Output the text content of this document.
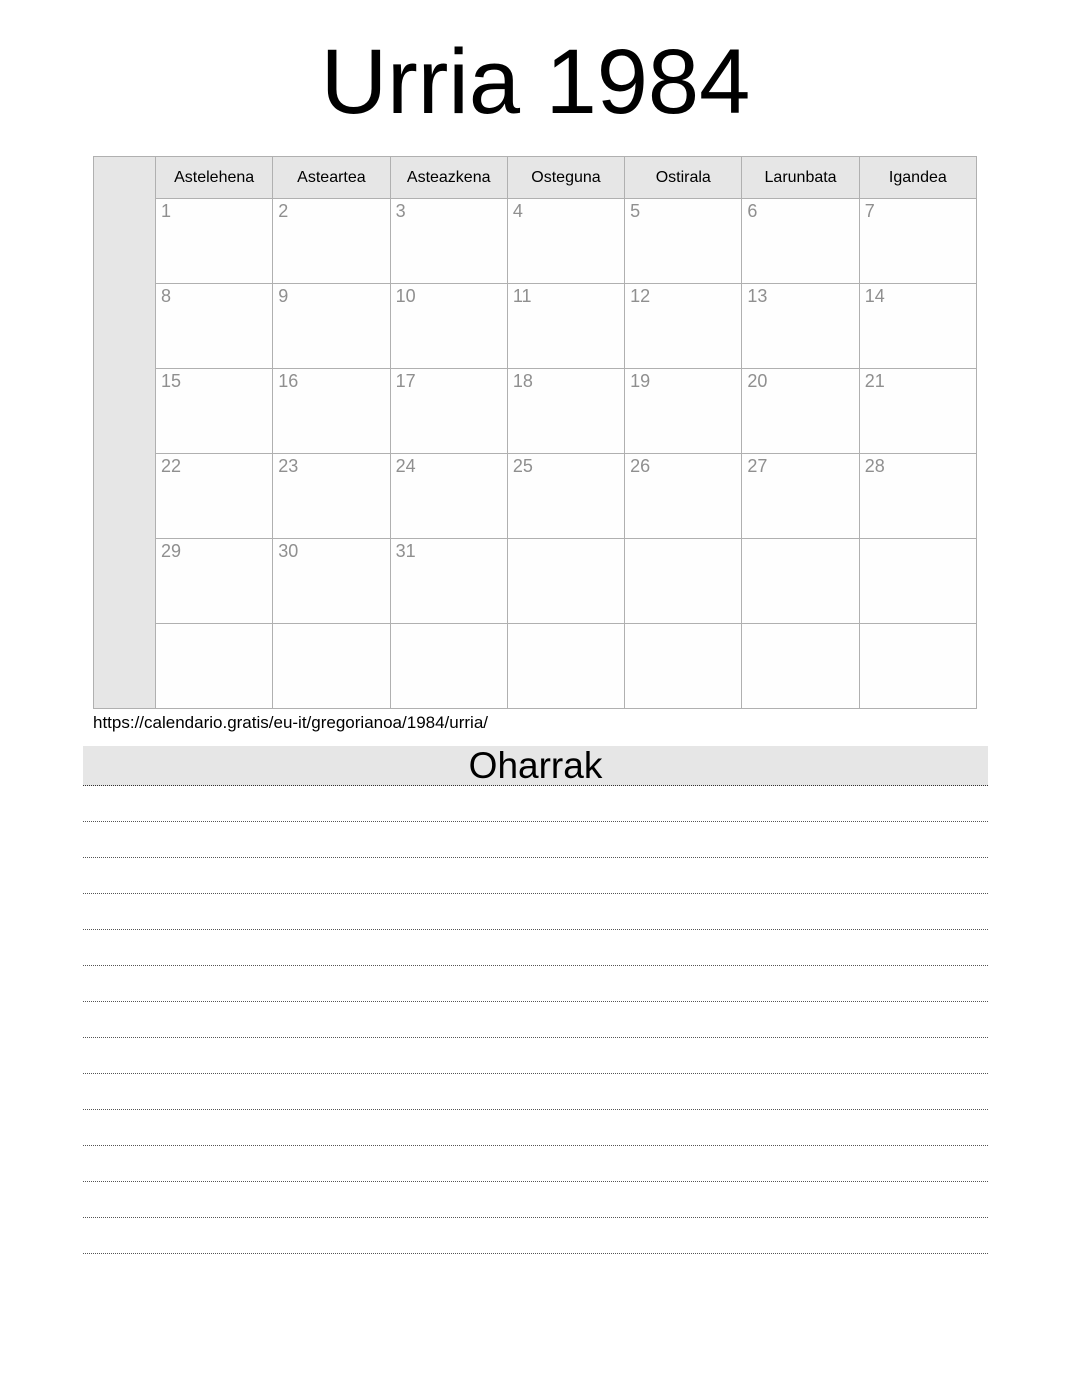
Urria 1984
	Astelehena	Asteartea	Asteazkena	Osteguna	Ostirala	Larunbata	Igandea

	1	2	3	4	5	6	7

	8	9	10	11	12	13	14

	15	16	17	18	19	20	21

	22	23	24	25	26	27	28

	29	30	31				

https://calendario.gratis/eu-it/gregorianoa/1984/urria/
Oharrak
